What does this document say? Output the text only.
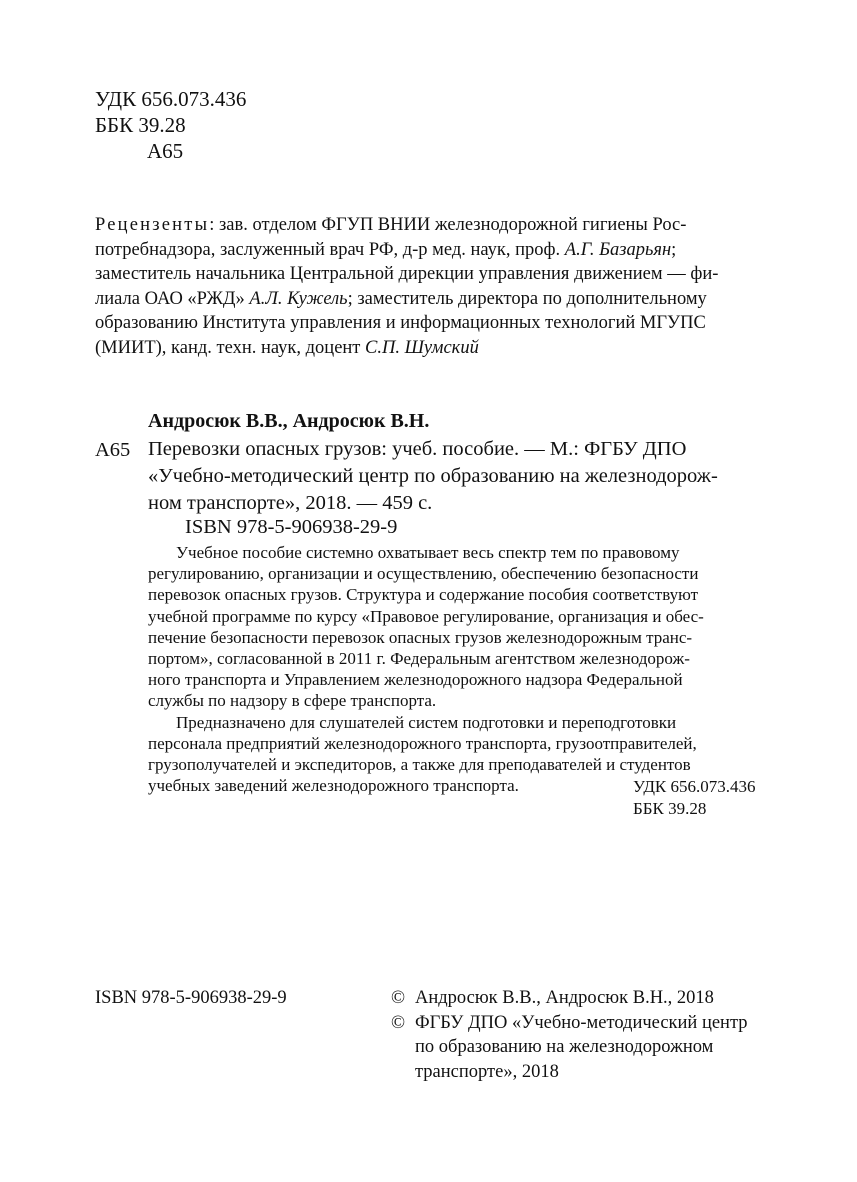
УДК 656.073.436
ББК 39.28
А65
Рецензенты: зав. отделом ФГУП ВНИИ железнодорожной гигиены Рос-
потребнадзора, заслуженный врач РФ, д-р мед. наук, проф. А.Г. Базарьян;
заместитель начальника Центральной дирекции управления движением — фи-
лиала ОАО «РЖД» А.Л. Кужель; заместитель директора по дополнительному
образованию Института управления и информационных технологий МГУПС
(МИИТ), канд. техн. наук, доцент С.П. Шумский
Андросюк В.В., Андросюк В.Н.
А65 Перевозки опасных грузов: учеб. пособие. — М.: ФГБУ ДПО
«Учебно-методический центр по образованию на железнодорож-
ном транспорте», 2018. — 459 с.
ISBN 978-5-906938-29-9
Учебное пособие системно охватывает весь спектр тем по правовому
регулированию, организации и осуществлению, обеспечению безопасности
перевозок опасных грузов. Структура и содержание пособия соответствуют
учебной программе по курсу «Правовое регулирование, организация и обес-
печение безопасности перевозок опасных грузов железнодорожным транс-
портом», согласованной в 2011 г. Федеральным агентством железнодорож-
ного транспорта и Управлением железнодорожного надзора Федеральной
службы по надзору в сфере транспорта.
Предназначено для слушателей систем подготовки и переподготовки
персонала предприятий железнодорожного транспорта, грузоотправителей,
грузополучателей и экспедиторов, а также для преподавателей и студентов
учебных заведений железнодорожного транспорта.	УДК 656.073.436
ББК 39.28
ISBN 978-5-906938-29-9	© Андросюк В.В., Андросюк В.Н., 2018
© ФГБУ ДПО «Учебно-методический центр
по образованию на железнодорожном
транспорте», 2018
